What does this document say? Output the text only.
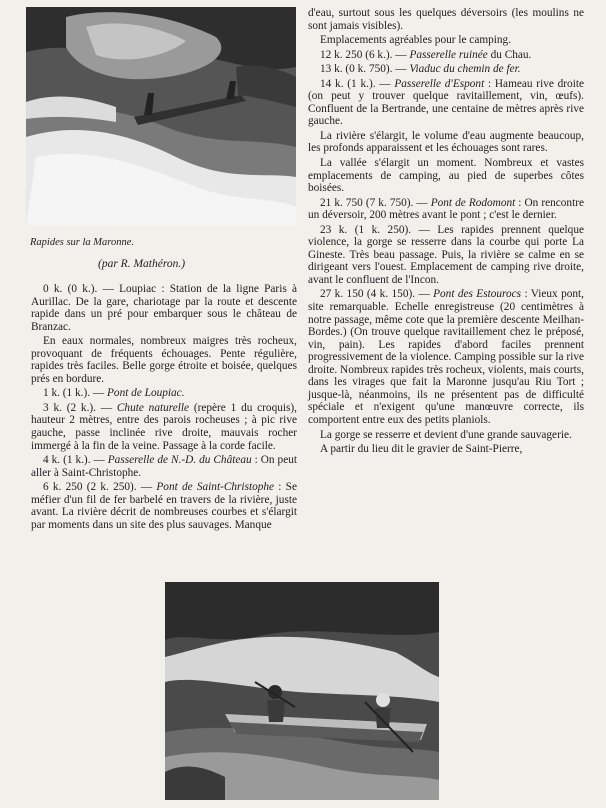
Rapides sur la Maronne.
(par R. Mathéron.)

0 k. (0 k.). — Loupiac : Station de la ligne Paris à Aurillac. De la gare, chariotage par la route et descente rapide dans un pré pour embarquer sous le château de Branzac.

En eaux normales, nombreux maigres très rocheux, provoquant de fréquents échouages. Pente régulière, rapides très faciles. Belle gorge étroite et boisée, quelques prés en bordure.

1 k. (1 k.). — Pont de Loupiac.

3 k. (2 k.). — Chute naturelle (repère 1 du croquis), hauteur 2 mètres, entre des parois rocheuses ; à pic rive gauche, passe inclinée rive droite, mauvais rocher immergé à la fin de la veine. Passage à la corde facile.

4 k. (1 k.). — Passerelle de N.-D. du Château : On peut aller à Saint-Christophe.

6 k. 250 (2 k. 250). — Pont de Saint-Christophe : Se méfier d'un fil de fer barbelé en travers de la rivière, juste avant. La rivière décrit de nombreuses courbes et s'élargit par moments dans un site des plus sauvages. Manque

d'eau, surtout sous les quelques déversoirs (les moulins ne sont jamais visibles).

Emplacements agréables pour le camping.

12 k. 250 (6 k.). — Passerelle ruinée du Chau.

13 k. (0 k. 750). — Viaduc du chemin de fer.

14 k. (1 k.). — Passerelle d'Espont : Hameau rive droite (on peut y trouver quelque ravitaillement, vin, œufs). Confluent de la Bertrande, une centaine de mètres après rive gauche.

La rivière s'élargit, le volume d'eau augmente beaucoup, les profonds apparaissent et les échouages sont rares.

La vallée s'élargit un moment. Nombreux et vastes emplacements de camping, au pied de superbes côtes boisées.

21 k. 750 (7 k. 750). — Pont de Rodomont : On rencontre un déversoir, 200 mètres avant le pont ; c'est le dernier.

23 k. (1 k. 250). — Les rapides prennent quelque violence, la gorge se resserre dans la courbe qui porte La Gineste. Très beau passage. Puis, la rivière se calme en se dirigeant vers l'ouest. Emplacement de camping rive droite, avant le confluent de l'Incon.

27 k. 150 (4 k. 150). — Pont des Estourocs : Vieux pont, site remarquable. Echelle enregistreuse (20 centimètres à notre passage, même cote que la première descente Meilhan-Bordes.) (On trouve quelque ravitaillement chez le préposé, vin, pain). Les rapides d'abord faciles prennent progressivement de la violence. Camping possible sur la rive droite. Nombreux rapides très rocheux, violents, mais courts, dans les virages que fait la Maronne jusqu'au Riu Tort ; jusque-là, néanmoins, ils ne présentent pas de difficulté spéciale et n'exigent qu'une manœuvre correcte, ils comportent entre eux des petits planiols.

La gorge se resserre et devient d'une grande sauvagerie.

A partir du lieu dit le gravier de Saint-Pierre,
